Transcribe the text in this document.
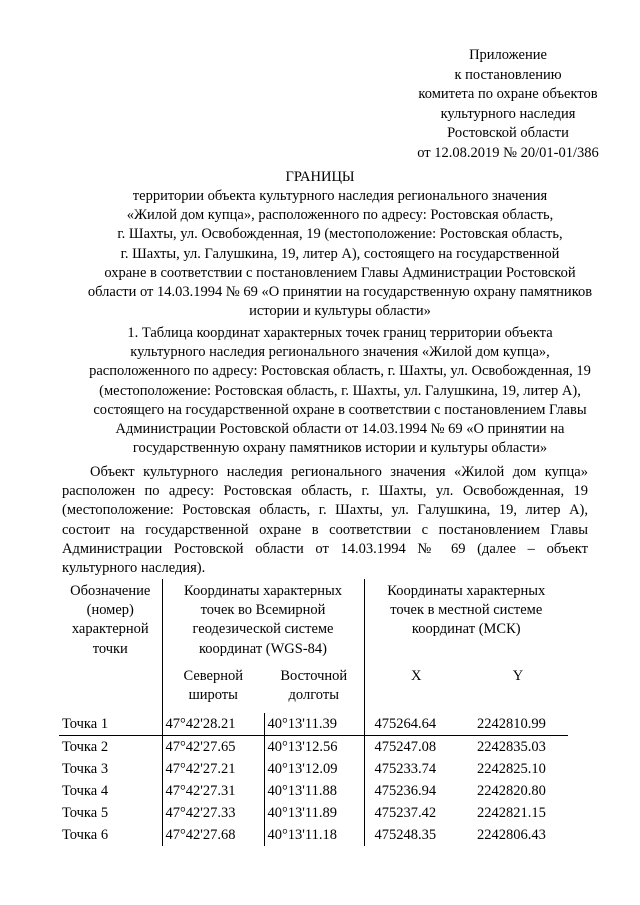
Приложение
к постановлению
комитета по охране объектов
культурного наследия
Ростовской области
от 12.08.2019 № 20/01-01/386
ГРАНИЦЫ
территории объекта культурного наследия регионального значения
«Жилой дом купца», расположенного по адресу: Ростовская область,
г. Шахты, ул. Освобожденная, 19 (местоположение: Ростовская область,
г. Шахты, ул. Галушкина, 19, литер А), состоящего на государственной
охране в соответствии с постановлением Главы Администрации Ростовской
области от 14.03.1994 № 69 «О принятии на государственную охрану памятников
истории и культуры области»
1. Таблица координат характерных точек границ территории объекта
культурного наследия регионального значения «Жилой дом купца»,
расположенного по адресу: Ростовская область, г. Шахты, ул. Освобожденная, 19
(местоположение: Ростовская область, г. Шахты, ул. Галушкина, 19, литер А),
состоящего на государственной охране в соответствии с постановлением Главы
Администрации Ростовской области от 14.03.1994 № 69 «О принятии на
государственную охрану памятников истории и культуры области»
Объект культурного наследия регионального значения «Жилой дом купца»
расположен по адресу: Ростовская область, г. Шахты, ул. Освобожденная, 19
(местоположение: Ростовская область, г. Шахты, ул. Галушкина, 19, литер А),
состоит на государственной охране в соответствии с постановлением Главы
Администрации Ростовской области от 14.03.1994 № 69 (далее – объект
культурного наследия).
Обозначение (номер) характерной точки	Координаты характерных точек во Всемирной геодезической системе координат (WGS-84)		Координаты характерных точек в местной системе координат (МСК)	
	Северной широты	Восточной долготы	X	Y
Точка 1	47°42'28.21	40°13'11.39	475264.64	2242810.99
Точка 2	47°42'27.65	40°13'12.56	475247.08	2242835.03
Точка 3	47°42'27.21	40°13'12.09	475233.74	2242825.10
Точка 4	47°42'27.31	40°13'11.88	475236.94	2242820.80
Точка 5	47°42'27.33	40°13'11.89	475237.42	2242821.15
Точка 6	47°42'27.68	40°13'11.18	475248.35	2242806.43
